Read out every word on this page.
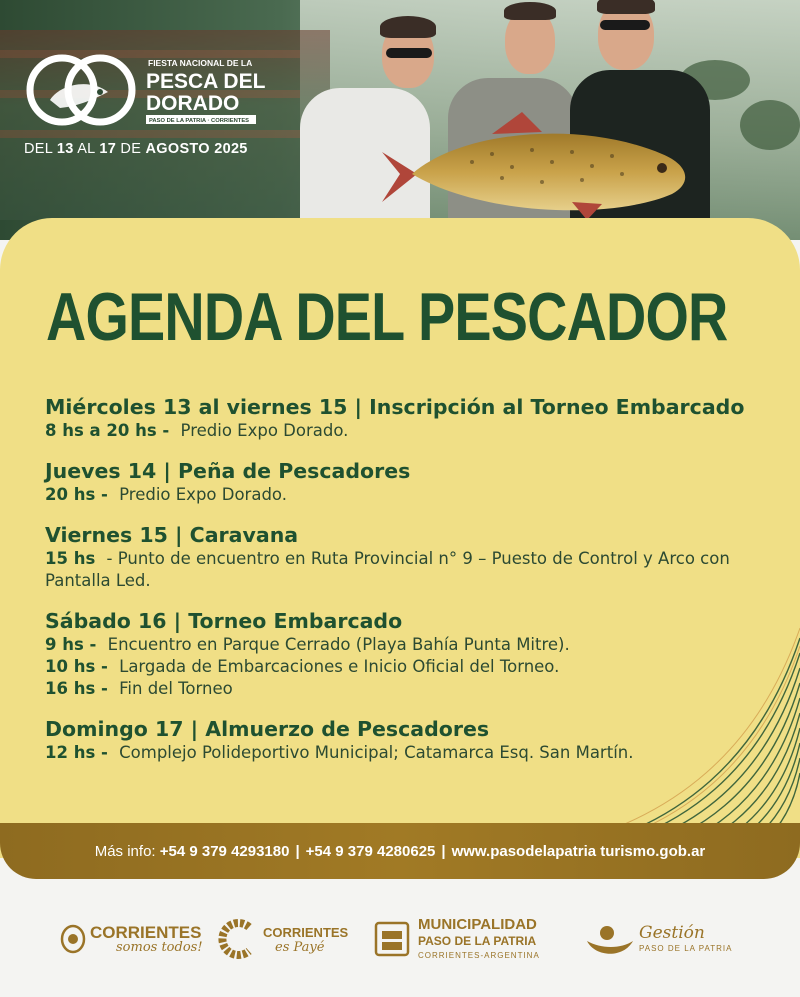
FIESTA NACIONAL DE LA
PESCA DEL
DORADO
PASO DE LA PATRIA · CORRIENTES
DEL 13 AL 17 DE AGOSTO 2025
AGENDA DEL PESCADOR
Miércoles 13 al viernes 15 | Inscripción al Torneo Embarcado
8 hs a 20 hs - Predio Expo Dorado.
Jueves 14 | Peña de Pescadores
20 hs - Predio Expo Dorado.
Viernes 15 | Caravana
15 hs - Punto de encuentro en Ruta Provincial n° 9 – Puesto de Control y Arco con Pantalla Led.
Sábado 16 | Torneo Embarcado
9 hs - Encuentro en Parque Cerrado (Playa Bahía Punta Mitre).
10 hs - Largada de Embarcaciones e Inicio Oficial del Torneo.
16 hs - Fin del Torneo
Domingo 17 | Almuerzo de Pescadores
12 hs - Complejo Polideportivo Municipal; Catamarca Esq. San Martín.
Más info:
+54 9 379 4293180 | +54 9 379 4280625 | www.pasodelapatria turismo.gob.ar
CORRIENTES
somos todos!
CORRIENTES
es Payé
MUNICIPALIDAD
PASO DE LA PATRIA
CORRIENTES-ARGENTINA
Gestión
PASO DE LA PATRIA
